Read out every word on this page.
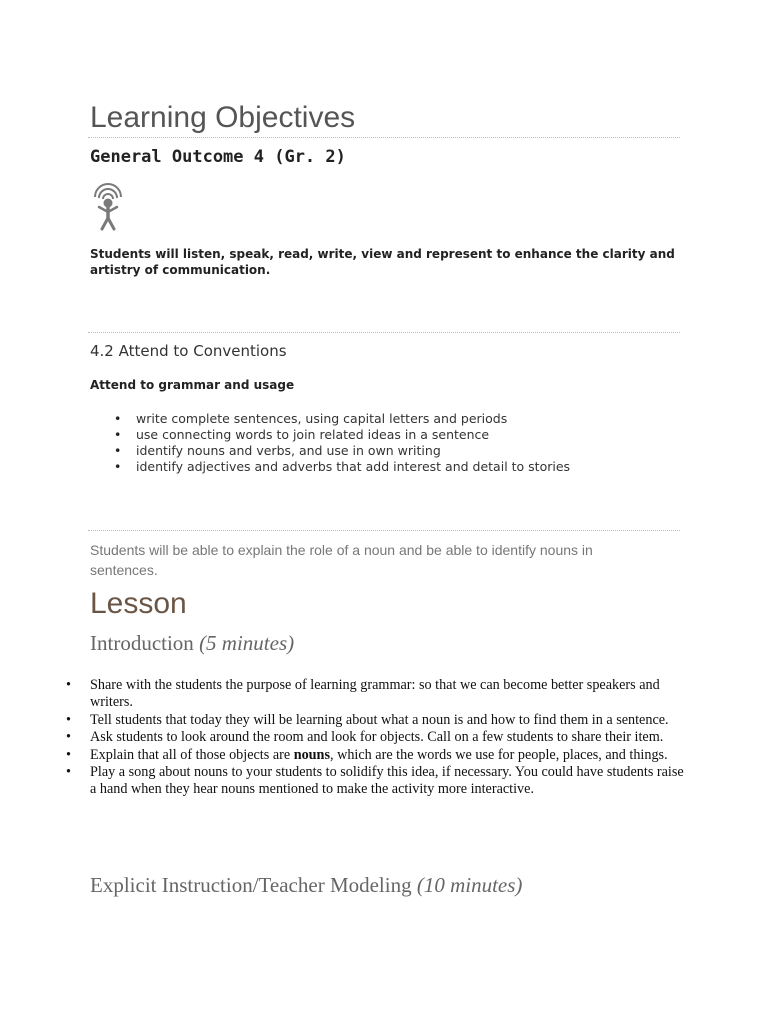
Learning Objectives
General Outcome 4 (Gr. 2)

Students will listen, speak, read, write, view and represent to enhance the clarity and artistry of communication.

4.2 Attend to Conventions
Attend to grammar and usage
• write complete sentences, using capital letters and periods
• use connecting words to join related ideas in a sentence
• identify nouns and verbs, and use in own writing
• identify adjectives and adverbs that add interest and detail to stories

Students will be able to explain the role of a noun and be able to identify nouns in sentences.

Lesson
Introduction (5 minutes)
• Share with the students the purpose of learning grammar: so that we can become better speakers and writers.
• Tell students that today they will be learning about what a noun is and how to find them in a sentence.
• Ask students to look around the room and look for objects. Call on a few students to share their item.
• Explain that all of those objects are nouns, which are the words we use for people, places, and things.
• Play a song about nouns to your students to solidify this idea, if necessary. You could have students raise a hand when they hear nouns mentioned to make the activity more interactive.
Explicit Instruction/Teacher Modeling (10 minutes)
